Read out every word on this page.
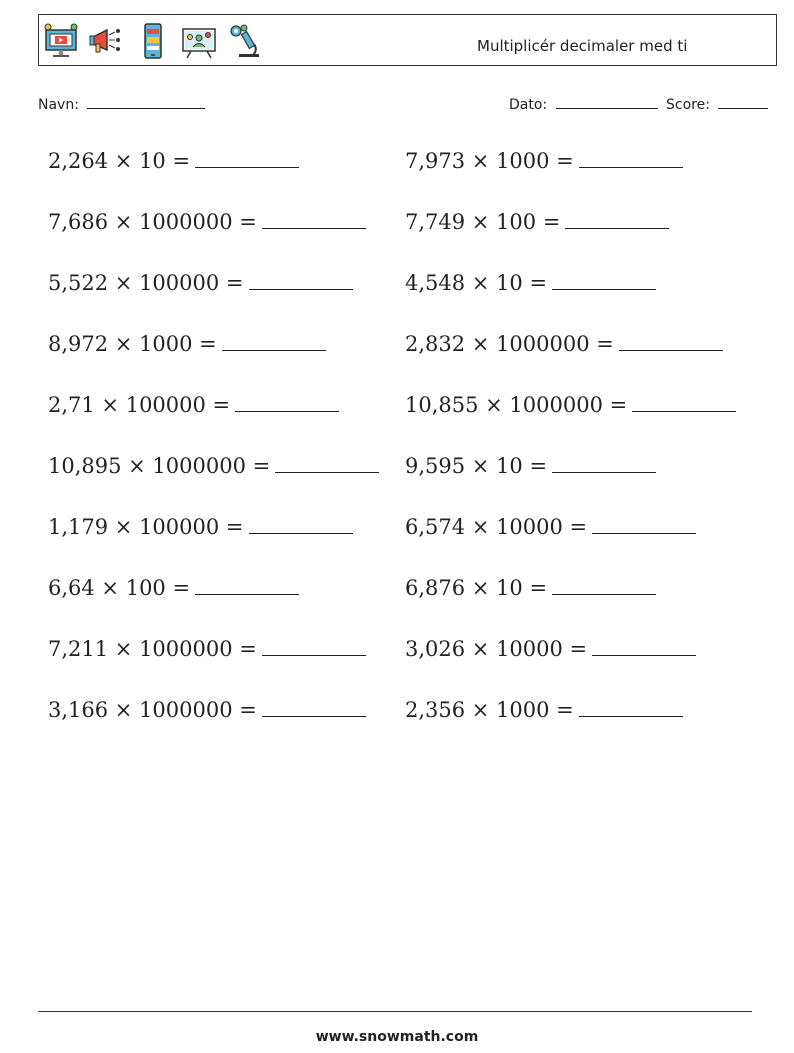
Multiplicér decimaler med ti
Navn:	Dato:	Score:
2,264 × 10 =	7,973 × 1000 =
7,686 × 1000000 =	7,749 × 100 =
5,522 × 100000 =	4,548 × 10 =
8,972 × 1000 =	2,832 × 1000000 =
2,71 × 100000 =	10,855 × 1000000 =
10,895 × 1000000 =	9,595 × 10 =
1,179 × 100000 =	6,574 × 10000 =
6,64 × 100 =	6,876 × 10 =
7,211 × 1000000 =	3,026 × 10000 =
3,166 × 1000000 =	2,356 × 1000 =
www.snowmath.com
